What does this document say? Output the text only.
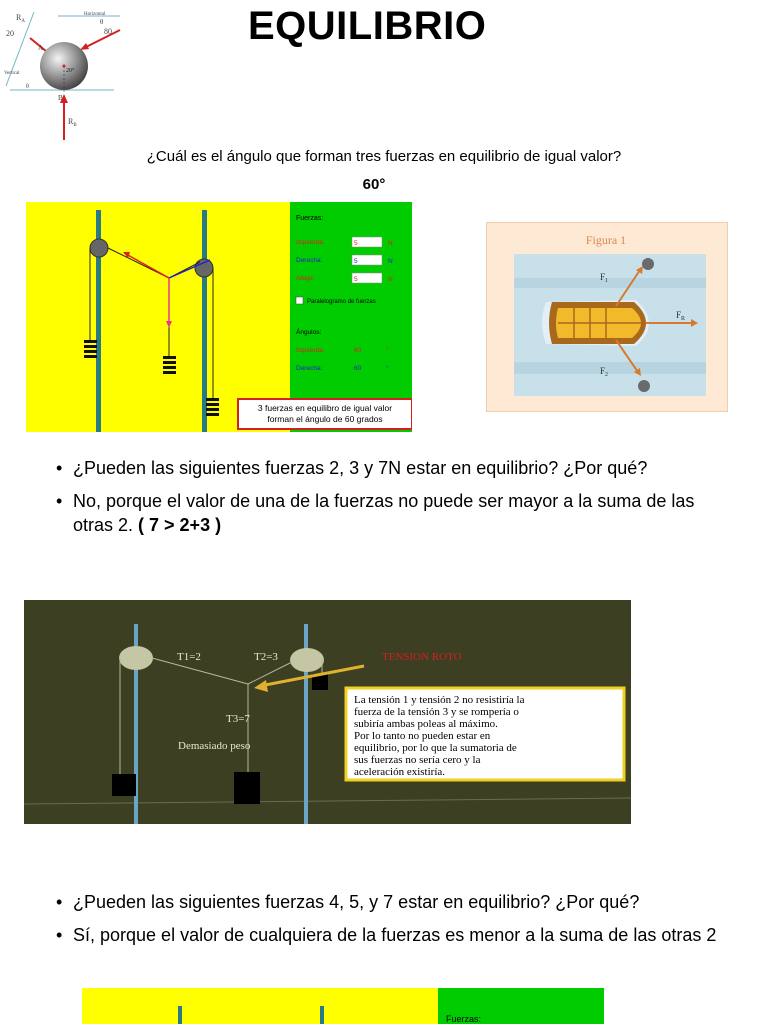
EQUILIBRIO
$R_A$
20
Horizontal
θ
80
20°
Vertical
θ
B
A
$R_B$
¿Cuál es el ángulo que forman tres fuerzas en equilibrio de igual valor?
60°
Fuerzas:
Izquierda:	5	N
Derecha:	5	N
Abajo:	5	N
Paralelogramo de fuerzas
Ángulos:
Izquierda:	60	°
Derecha:	60	°
3 fuerzas en equilibro de igual valor
forman el ángulo de 60 grados
Figura 1
$F_1$
$F_2$
$F_R$
• ¿Pueden las siguientes fuerzas 2, 3 y 7N estar en equilibrio? ¿Por qué?
• No, porque el valor de una de la fuerzas no puede ser mayor a la suma de las otras 2. ( 7 > 2+3 )
T1=2	T2=3
T3=7
Demasiado peso
TENSION ROTO
La tensión 1 y tensión 2 no resistiría la
fuerza de la tensión 3 y se rompería o
subiría ambas poleas al máximo.
Por lo tanto no pueden estar en
equilibrio, por lo que la sumatoria de
sus fuerzas no sería cero y la
aceleración existiría.
• ¿Pueden las siguientes fuerzas 4, 5, y 7 estar en equilibrio? ¿Por qué?
• Sí, porque el valor de cualquiera de la fuerzas es menor a la suma de las otras 2
Fuerzas:
